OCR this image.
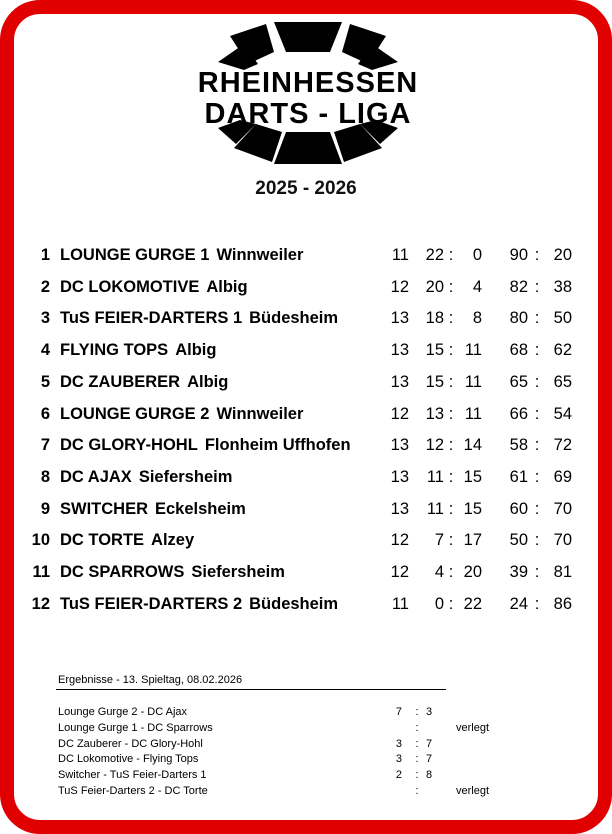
RHEINHESSEN
DARTS - LIGA
2025 - 2026
1 LOUNGE GURGE 1 Winnweiler	11	22 :	0	90 : 20
2 DC LOKOMOTIVE Albig	12	20 :	4	82 : 38
3 TuS FEIER-DARTERS 1 Büdesheim	13	18 :	8	80 : 50
4 FLYING TOPS Albig	13	15 : 11	68 : 62
5 DC ZAUBERER Albig	13	15 : 11	65 : 65
6 LOUNGE GURGE 2 Winnweiler	12	13 : 11	66 : 54
7 DC GLORY-HOHL Flonheim Uffhofen	13	12 : 14	58 : 72
8 DC AJAX Siefersheim	13	11 : 15	61 : 69
9 SWITCHER Eckelsheim	13	11 : 15	60 : 70
10 DC TORTE Alzey	12	7 : 17	50 : 70
11 DC SPARROWS Siefersheim	12	4 : 20	39 : 81
12 TuS FEIER-DARTERS 2 Büdesheim	11	0 : 22	24 : 86
Ergebnisse - 13. Spieltag, 08.02.2026
Lounge Gurge 2 - DC Ajax	7 : 3
Lounge Gurge 1 - DC Sparrows	:	verlegt
DC Zauberer - DC Glory-Hohl	3 : 7
DC Lokomotive - Flying Tops	3 : 7
Switcher - TuS Feier-Darters 1	2 : 8
TuS Feier-Darters 2 - DC Torte	:	verlegt
